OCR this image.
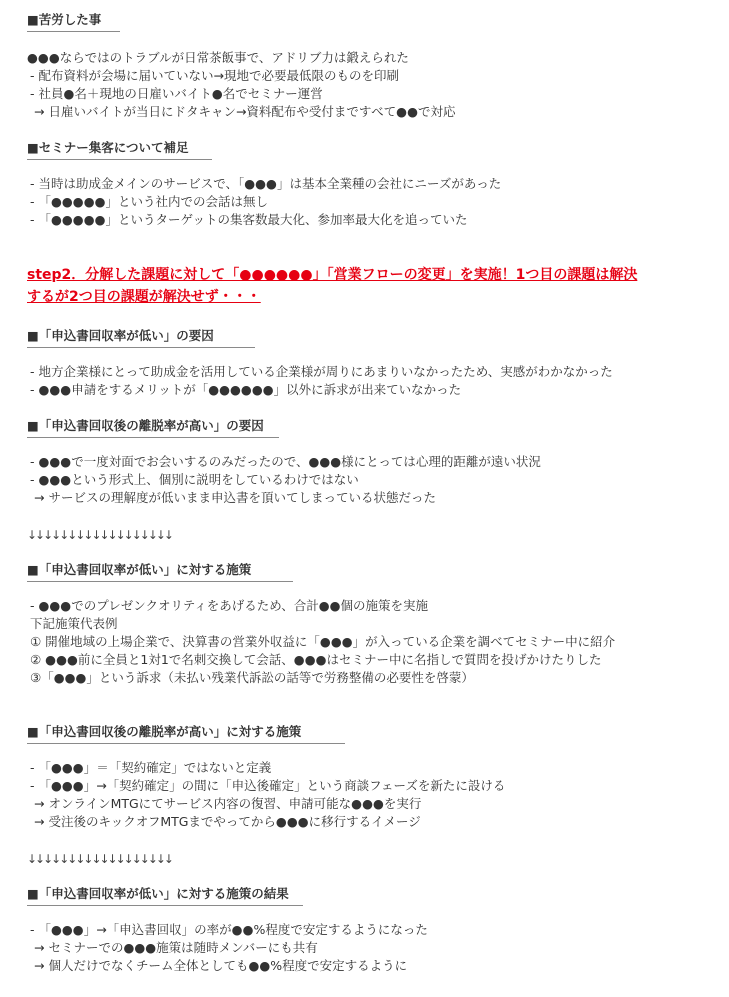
■苦労した事
●●●ならではのトラブルが日常茶飯事で、アドリブ力は鍛えられた
- 配布資料が会場に届いていない→現地で必要最低限のものを印刷
- 社員●名＋現地の日雇いバイト●名でセミナー運営
→ 日雇いバイトが当日にドタキャン→資料配布や受付まですべて●●で対応
■セミナー集客について補足
- 当時は助成金メインのサービスで、「●●●」は基本全業種の会社にニーズがあった
- 「●●●●●」という社内での会話は無し
- 「●●●●●」というターゲットの集客数最大化、参加率最大化を追っていた
step2．分解した課題に対して「●●●●●●」「営業フローの変更」を実施！1つ目の課題は解決
するが2つ目の課題が解決せず・・・
■「申込書回収率が低い」の要因
- 地方企業様にとって助成金を活用している企業様が周りにあまりいなかったため、実感がわかなかった
- ●●●申請をするメリットが「●●●●●●」以外に訴求が出来ていなかった
■「申込書回収後の離脱率が高い」の要因
- ●●●で一度対面でお会いするのみだったので、●●●様にとっては心理的距離が遠い状況
- ●●●という形式上、個別に説明をしているわけではない
→ サービスの理解度が低いまま申込書を頂いてしまっている状態だった
↓↓↓↓↓↓↓↓↓↓↓↓↓↓↓↓↓↓
■「申込書回収率が低い」に対する施策
- ●●●でのプレゼンクオリティをあげるため、合計●●個の施策を実施
下記施策代表例
① 開催地域の上場企業で、決算書の営業外収益に「●●●」が入っている企業を調べてセミナー中に紹介
② ●●●前に全員と1対1で名刺交換して会話、●●●はセミナー中に名指しで質問を投げかけたりした
③「●●●」という訴求（未払い残業代訴訟の話等で労務整備の必要性を啓蒙）
■「申込書回収後の離脱率が高い」に対する施策
- 「●●●」＝「契約確定」ではないと定義
- 「●●●」→「契約確定」の間に「申込後確定」という商談フェーズを新たに設ける
→ オンラインMTGにてサービス内容の復習、申請可能な●●●を実行
→ 受注後のキックオフMTGまでやってから●●●に移行するイメージ
↓↓↓↓↓↓↓↓↓↓↓↓↓↓↓↓↓↓
■「申込書回収率が低い」に対する施策の結果
- 「●●●」→「申込書回収」の率が●●%程度で安定するようになった
→ セミナーでの●●●施策は随時メンバーにも共有
→ 個人だけでなくチーム全体としても●●%程度で安定するように
